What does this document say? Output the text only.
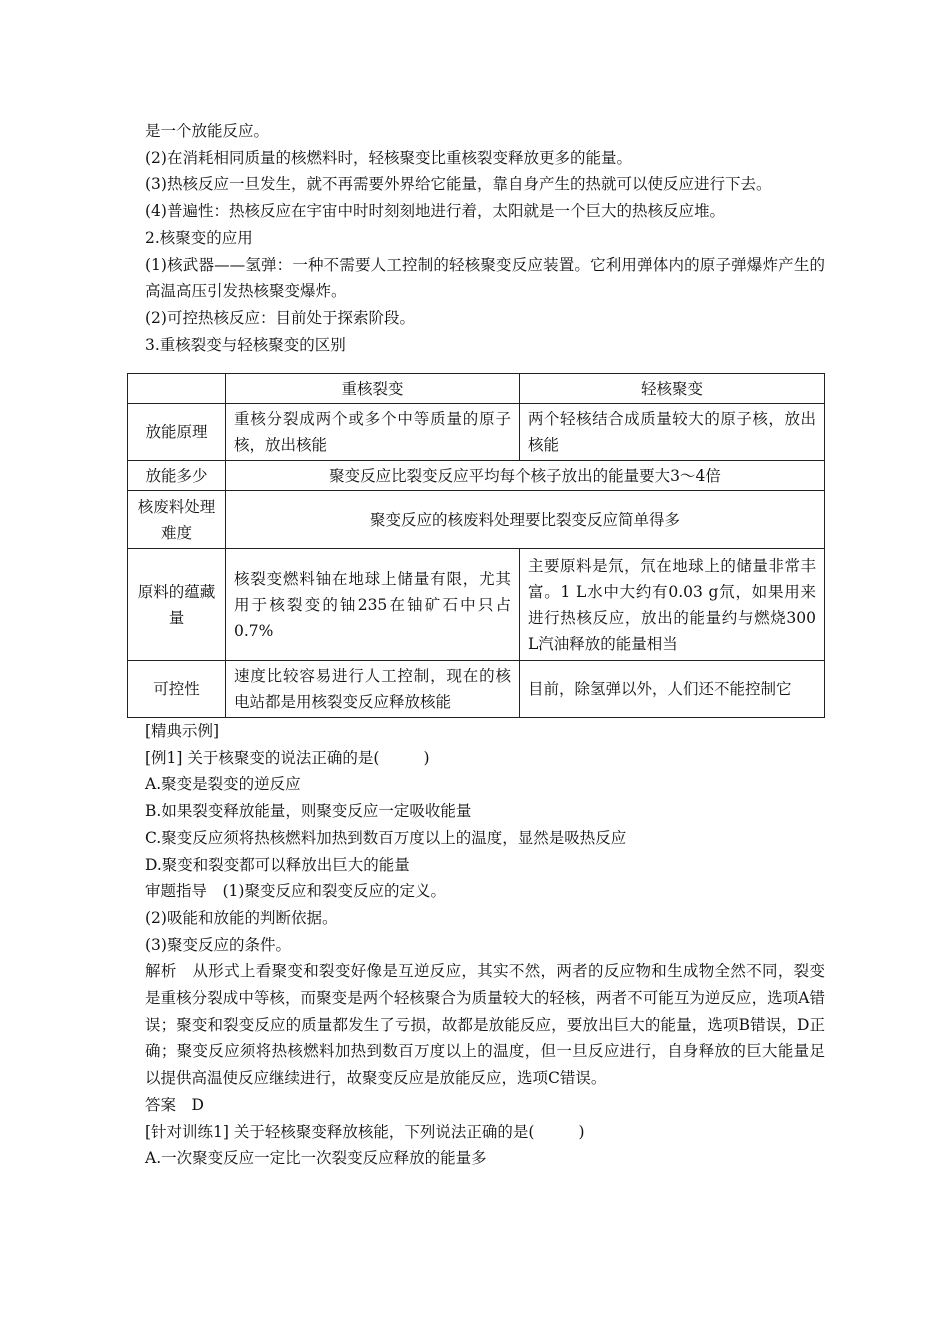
是一个放能反应。
(2)在消耗相同质量的核燃料时，轻核聚变比重核裂变释放更多的能量。
(3)热核反应一旦发生，就不再需要外界给它能量，靠自身产生的热就可以使反应进行下去。
(4)普遍性：热核反应在宇宙中时时刻刻地进行着，太阳就是一个巨大的热核反应堆。
2.核聚变的应用
(1)核武器——氢弹：一种不需要人工控制的轻核聚变反应装置。它利用弹体内的原子弹爆炸产生的高温高压引发热核聚变爆炸。
(2)可控热核反应：目前处于探索阶段。
3.重核裂变与轻核聚变的区别
	重核裂变	轻核聚变
放能原理	重核分裂成两个或多个中等质量的原子核，放出核能	两个轻核结合成质量较大的原子核，放出核能
放能多少	聚变反应比裂变反应平均每个核子放出的能量要大3～4倍	
核废料处理难度	聚变反应的核废料处理要比裂变反应简单得多	
原料的蕴藏量	核裂变燃料铀在地球上储量有限，尤其用于核裂变的铀235在铀矿石中只占0.7%	主要原料是氘，氘在地球上的储量非常丰富。1 L水中大约有0.03 g氘，如果用来进行热核反应，放出的能量约与燃烧300 L汽油释放的能量相当
可控性	速度比较容易进行人工控制，现在的核电站都是用核裂变反应释放核能	目前，除氢弹以外，人们还不能控制它
[精典示例]
[例1] 关于核聚变的说法正确的是(	)
A.聚变是裂变的逆反应
B.如果裂变释放能量，则聚变反应一定吸收能量
C.聚变反应须将热核燃料加热到数百万度以上的温度，显然是吸热反应
D.聚变和裂变都可以释放出巨大的能量
审题指导　(1)聚变反应和裂变反应的定义。
(2)吸能和放能的判断依据。
(3)聚变反应的条件。
解析　从形式上看聚变和裂变好像是互逆反应，其实不然，两者的反应物和生成物全然不同，裂变是重核分裂成中等核，而聚变是两个轻核聚合为质量较大的轻核，两者不可能互为逆反应，选项A错误；聚变和裂变反应的质量都发生了亏损，故都是放能反应，要放出巨大的能量，选项B错误，D正确；聚变反应须将热核燃料加热到数百万度以上的温度，但一旦反应进行，自身释放的巨大能量足以提供高温使反应继续进行，故聚变反应是放能反应，选项C错误。
答案　D
[针对训练1] 关于轻核聚变释放核能，下列说法正确的是(	)
A.一次聚变反应一定比一次裂变反应释放的能量多
